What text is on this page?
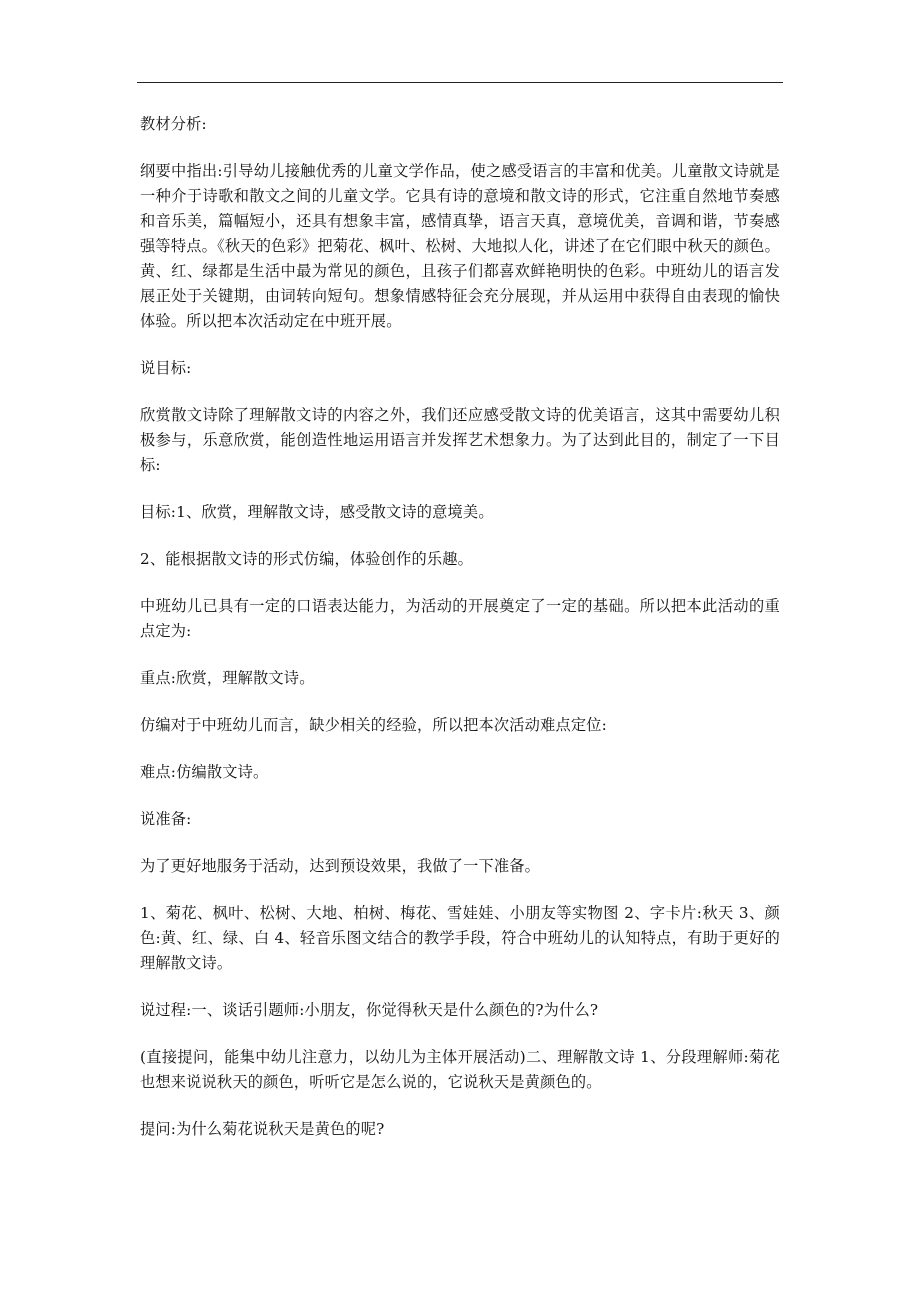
教材分析:

纲要中指出:引导幼儿接触优秀的儿童文学作品，使之感受语言的丰富和优美。儿童散文诗就是一种介于诗歌和散文之间的儿童文学。它具有诗的意境和散文诗的形式，它注重自然地节奏感和音乐美，篇幅短小，还具有想象丰富，感情真挚，语言天真，意境优美，音调和谐，节奏感强等特点。《秋天的色彩》把菊花、枫叶、松树、大地拟人化，讲述了在它们眼中秋天的颜色。黄、红、绿都是生活中最为常见的颜色，且孩子们都喜欢鲜艳明快的色彩。中班幼儿的语言发展正处于关键期，由词转向短句。想象情感特征会充分展现，并从运用中获得自由表现的愉快体验。所以把本次活动定在中班开展。

说目标:

欣赏散文诗除了理解散文诗的内容之外，我们还应感受散文诗的优美语言，这其中需要幼儿积极参与，乐意欣赏，能创造性地运用语言并发挥艺术想象力。为了达到此目的，制定了一下目标:

目标:1、欣赏，理解散文诗，感受散文诗的意境美。

2、能根据散文诗的形式仿编，体验创作的乐趣。

中班幼儿已具有一定的口语表达能力，为活动的开展奠定了一定的基础。所以把本此活动的重点定为:

重点:欣赏，理解散文诗。

仿编对于中班幼儿而言，缺少相关的经验，所以把本次活动难点定位:

难点:仿编散文诗。

说准备:

为了更好地服务于活动，达到预设效果，我做了一下准备。

1、菊花、枫叶、松树、大地、柏树、梅花、雪娃娃、小朋友等实物图 2、字卡片:秋天 3、颜色:黄、红、绿、白 4、轻音乐图文结合的教学手段，符合中班幼儿的认知特点，有助于更好的理解散文诗。

说过程:一、谈话引题师:小朋友，你觉得秋天是什么颜色的?为什么?

(直接提问，能集中幼儿注意力，以幼儿为主体开展活动)二、理解散文诗 1、分段理解师:菊花也想来说说秋天的颜色，听听它是怎么说的，它说秋天是黄颜色的。

提问:为什么菊花说秋天是黄色的呢?
